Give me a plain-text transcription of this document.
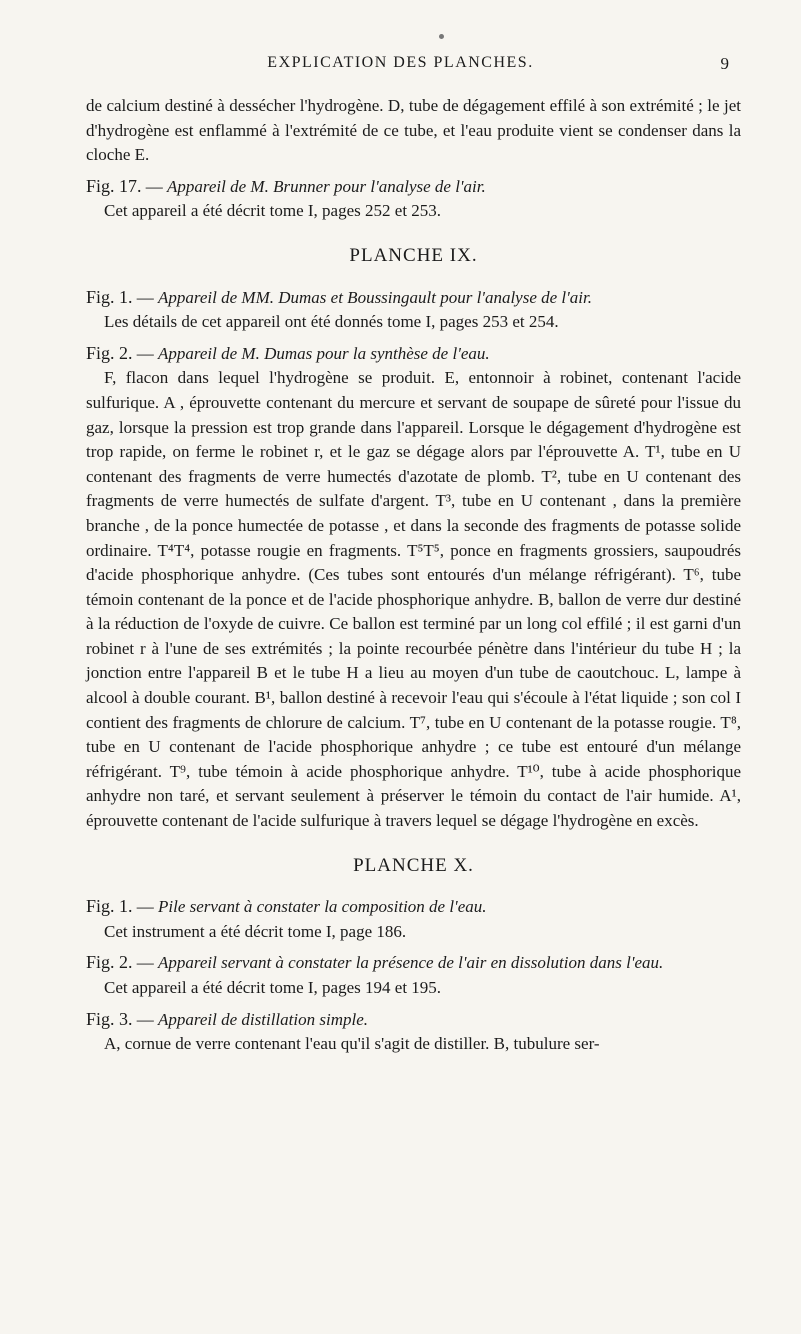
EXPLICATION DES PLANCHES.	9

de calcium destiné à dessécher l'hydrogène. D, tube de dégagement effilé à son extrémité ; le jet d'hydrogène est enflammé à l'extrémité de ce tube, et l'eau produite vient se condenser dans la cloche E.

Fig. 17. — Appareil de M. Brunner pour l'analyse de l'air.

Cet appareil a été décrit tome I, pages 252 et 253.

PLANCHE IX.

Fig. 1. — Appareil de MM. Dumas et Boussingault pour l'analyse de l'air.

Les détails de cet appareil ont été donnés tome I, pages 253 et 254.

Fig. 2. — Appareil de M. Dumas pour la synthèse de l'eau.

F, flacon dans lequel l'hydrogène se produit. E, entonnoir à robinet, contenant l'acide sulfurique. A , éprouvette contenant du mercure et servant de soupape de sûreté pour l'issue du gaz, lorsque la pression est trop grande dans l'appareil. Lorsque le dégagement d'hydrogène est trop rapide, on ferme le robinet r, et le gaz se dégage alors par l'éprouvette A. T¹, tube en U contenant des fragments de verre humectés d'azotate de plomb. T², tube en U contenant des fragments de verre humectés de sulfate d'argent. T³, tube en U contenant , dans la première branche , de la ponce humectée de potasse , et dans la seconde des fragments de potasse solide ordinaire. T⁴T⁴, potasse rougie en fragments. T⁵T⁵, ponce en fragments grossiers, saupoudrés d'acide phosphorique anhydre. (Ces tubes sont entourés d'un mélange réfrigérant). T⁶, tube témoin contenant de la ponce et de l'acide phosphorique anhydre. B, ballon de verre dur destiné à la réduction de l'oxyde de cuivre. Ce ballon est terminé par un long col effilé ; il est garni d'un robinet r à l'une de ses extrémités ; la pointe recourbée pénètre dans l'intérieur du tube H ; la jonction entre l'appareil B et le tube H a lieu au moyen d'un tube de caoutchouc. L, lampe à alcool à double courant. B¹, ballon destiné à recevoir l'eau qui s'écoule à l'état liquide ; son col I contient des fragments de chlorure de calcium. T⁷, tube en U contenant de la potasse rougie. T⁸, tube en U contenant de l'acide phosphorique anhydre ; ce tube est entouré d'un mélange réfrigérant. T⁹, tube témoin à acide phosphorique anhydre. T¹⁰, tube à acide phosphorique anhydre non taré, et servant seulement à préserver le témoin du contact de l'air humide. A¹, éprouvette contenant de l'acide sulfurique à travers lequel se dégage l'hydrogène en excès.

PLANCHE X.

Fig. 1. — Pile servant à constater la composition de l'eau.

Cet instrument a été décrit tome I, page 186.

Fig. 2. — Appareil servant à constater la présence de l'air en dissolution dans l'eau.

Cet appareil a été décrit tome I, pages 194 et 195.

Fig. 3. — Appareil de distillation simple.

A, cornue de verre contenant l'eau qu'il s'agit de distiller. B, tubulure ser-
